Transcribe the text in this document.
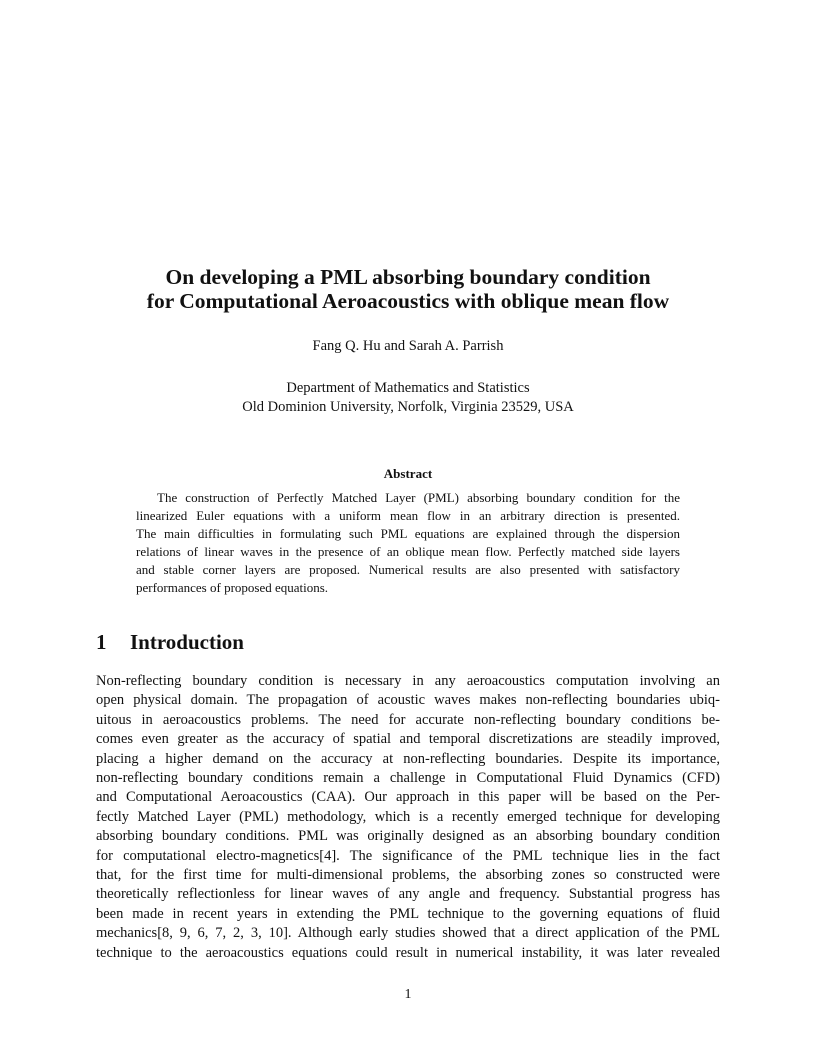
On developing a PML absorbing boundary condition
for Computational Aeroacoustics with oblique mean flow
Fang Q. Hu and Sarah A. Parrish
Department of Mathematics and Statistics
Old Dominion University, Norfolk, Virginia 23529, USA
Abstract
The construction of Perfectly Matched Layer (PML) absorbing boundary condition for the
linearized Euler equations with a uniform mean flow in an arbitrary direction is presented.
The main difficulties in formulating such PML equations are explained through the dispersion
relations of linear waves in the presence of an oblique mean flow. Perfectly matched side layers
and stable corner layers are proposed. Numerical results are also presented with satisfactory
performances of proposed equations.
1 Introduction
Non-reflecting boundary condition is necessary in any aeroacoustics computation involving an
open physical domain. The propagation of acoustic waves makes non-reflecting boundaries ubiq-
uitous in aeroacoustics problems. The need for accurate non-reflecting boundary conditions be-
comes even greater as the accuracy of spatial and temporal discretizations are steadily improved,
placing a higher demand on the accuracy at non-reflecting boundaries. Despite its importance,
non-reflecting boundary conditions remain a challenge in Computational Fluid Dynamics (CFD)
and Computational Aeroacoustics (CAA). Our approach in this paper will be based on the Per-
fectly Matched Layer (PML) methodology, which is a recently emerged technique for developing
absorbing boundary conditions. PML was originally designed as an absorbing boundary condition
for computational electro-magnetics[4]. The significance of the PML technique lies in the fact
that, for the first time for multi-dimensional problems, the absorbing zones so constructed were
theoretically reflectionless for linear waves of any angle and frequency. Substantial progress has
been made in recent years in extending the PML technique to the governing equations of fluid
mechanics[8, 9, 6, 7, 2, 3, 10]. Although early studies showed that a direct application of the PML
technique to the aeroacoustics equations could result in numerical instability, it was later revealed
1
